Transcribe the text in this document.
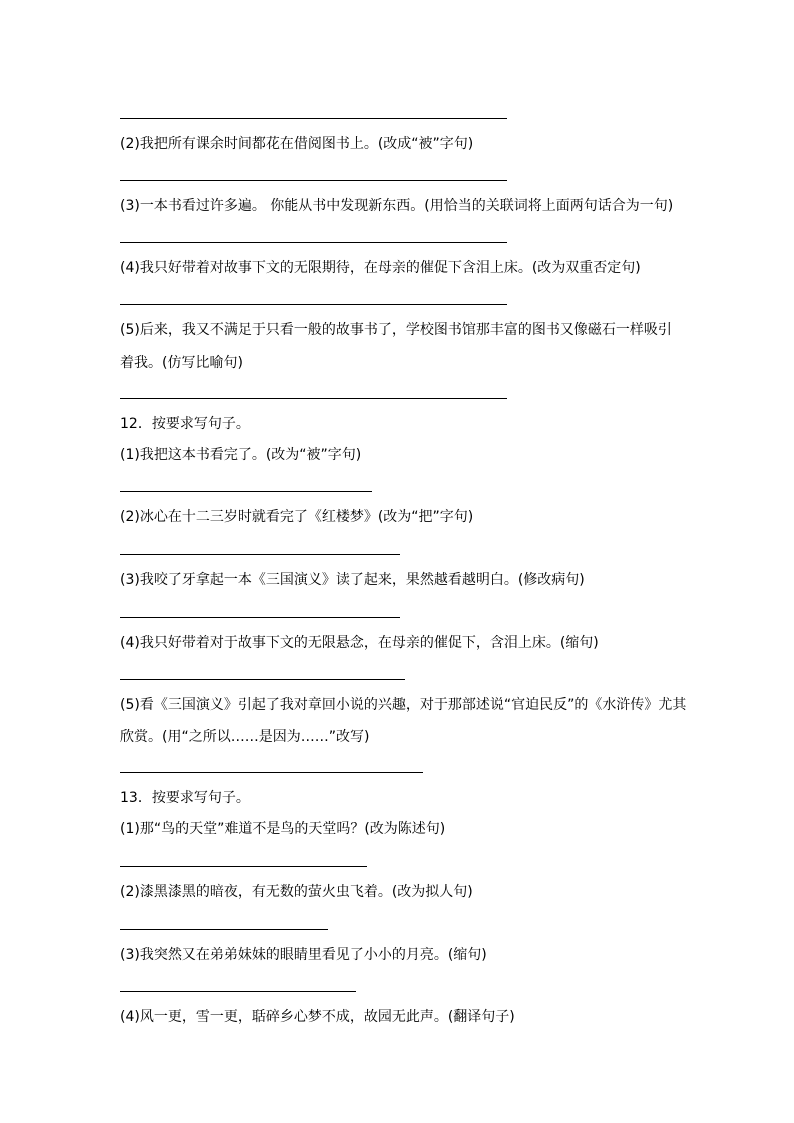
(2)我把所有课余时间都花在借阅图书上。(改成“被”字句)
(3)一本书看过许多遍。 你能从书中发现新东西。(用恰当的关联词将上面两句话合为一句)
(4)我只好带着对故事下文的无限期待，在母亲的催促下含泪上床。(改为双重否定句)
(5)后来，我又不满足于只看一般的故事书了，学校图书馆那丰富的图书又像磁石一样吸引
着我。(仿写比喻句)
12．按要求写句子。
(1)我把这本书看完了。(改为“被”字句)
(2)冰心在十二三岁时就看完了《红楼梦》(改为“把”字句)
(3)我咬了牙拿起一本《三国演义》读了起来，果然越看越明白。(修改病句)
(4)我只好带着对于故事下文的无限悬念，在母亲的催促下，含泪上床。(缩句)
(5)看《三国演义》引起了我对章回小说的兴趣，对于那部述说“官迫民反”的《水浒传》尤其
欣赏。(用“之所以……是因为……”改写)
13．按要求写句子。
(1)那“鸟的天堂”难道不是鸟的天堂吗？(改为陈述句)
(2)漆黑漆黑的暗夜，有无数的萤火虫飞着。(改为拟人句)
(3)我突然又在弟弟妹妹的眼睛里看见了小小的月亮。(缩句)
(4)风一更，雪一更，聒碎乡心梦不成，故园无此声。(翻译句子)
